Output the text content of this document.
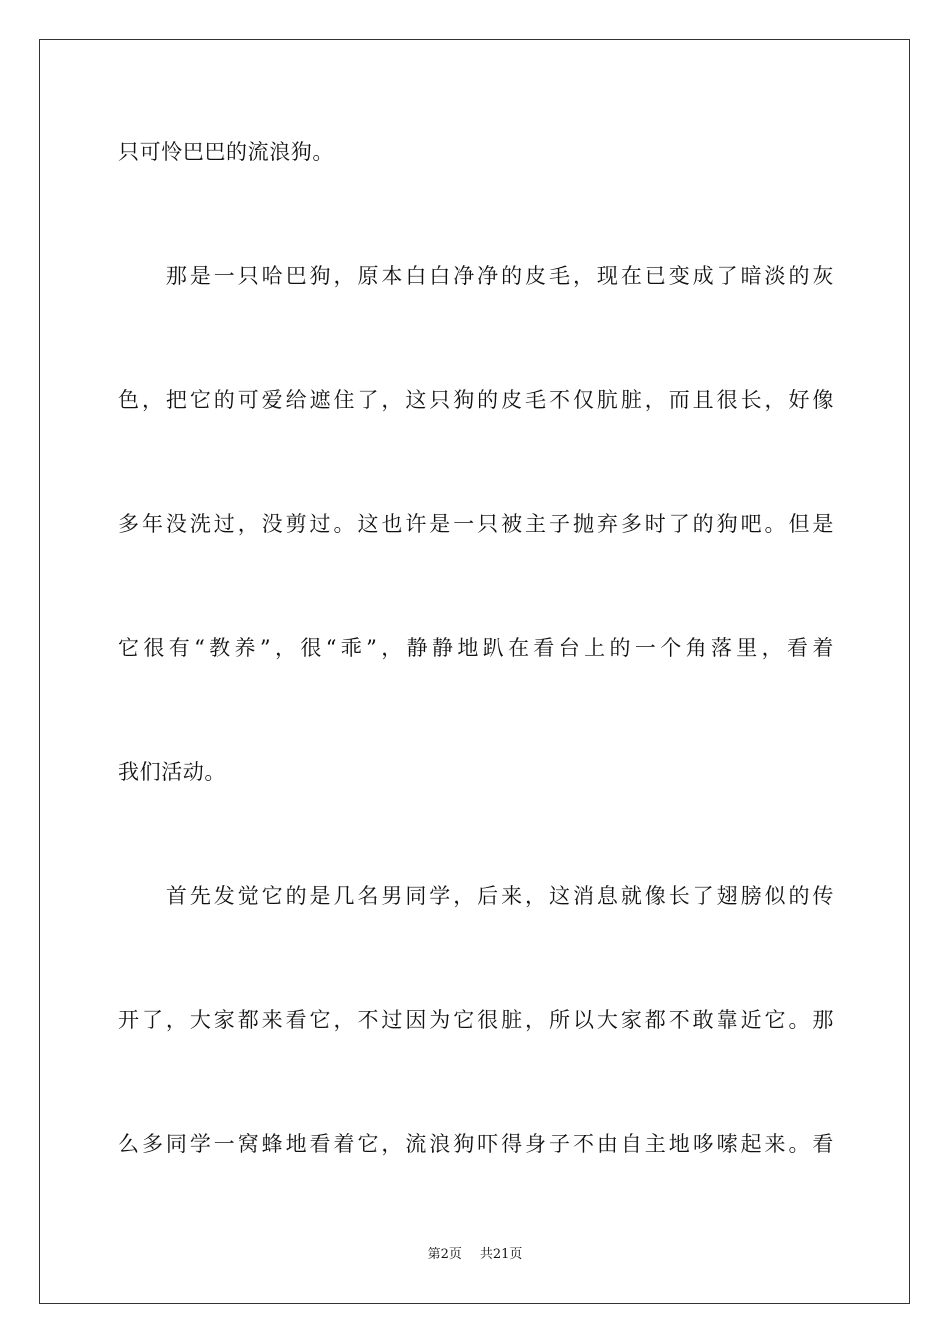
只可怜巴巴的流浪狗。
　　那是一只哈巴狗，原本白白净净的皮毛，现在已变成了暗淡的灰
色，把它的可爱给遮住了，这只狗的皮毛不仅肮脏，而且很长，好像
多年没洗过，没剪过。这也许是一只被主子抛弃多时了的狗吧。但是
它很有“教养”，很“乖”，静静地趴在看台上的一个角落里，看着
我们活动。
　　首先发觉它的是几名男同学，后来，这消息就像长了翅膀似的传
开了，大家都来看它，不过因为它很脏，所以大家都不敢靠近它。那
么多同学一窝蜂地看着它，流浪狗吓得身子不由自主地哆嗦起来。看
第2页 共21页
